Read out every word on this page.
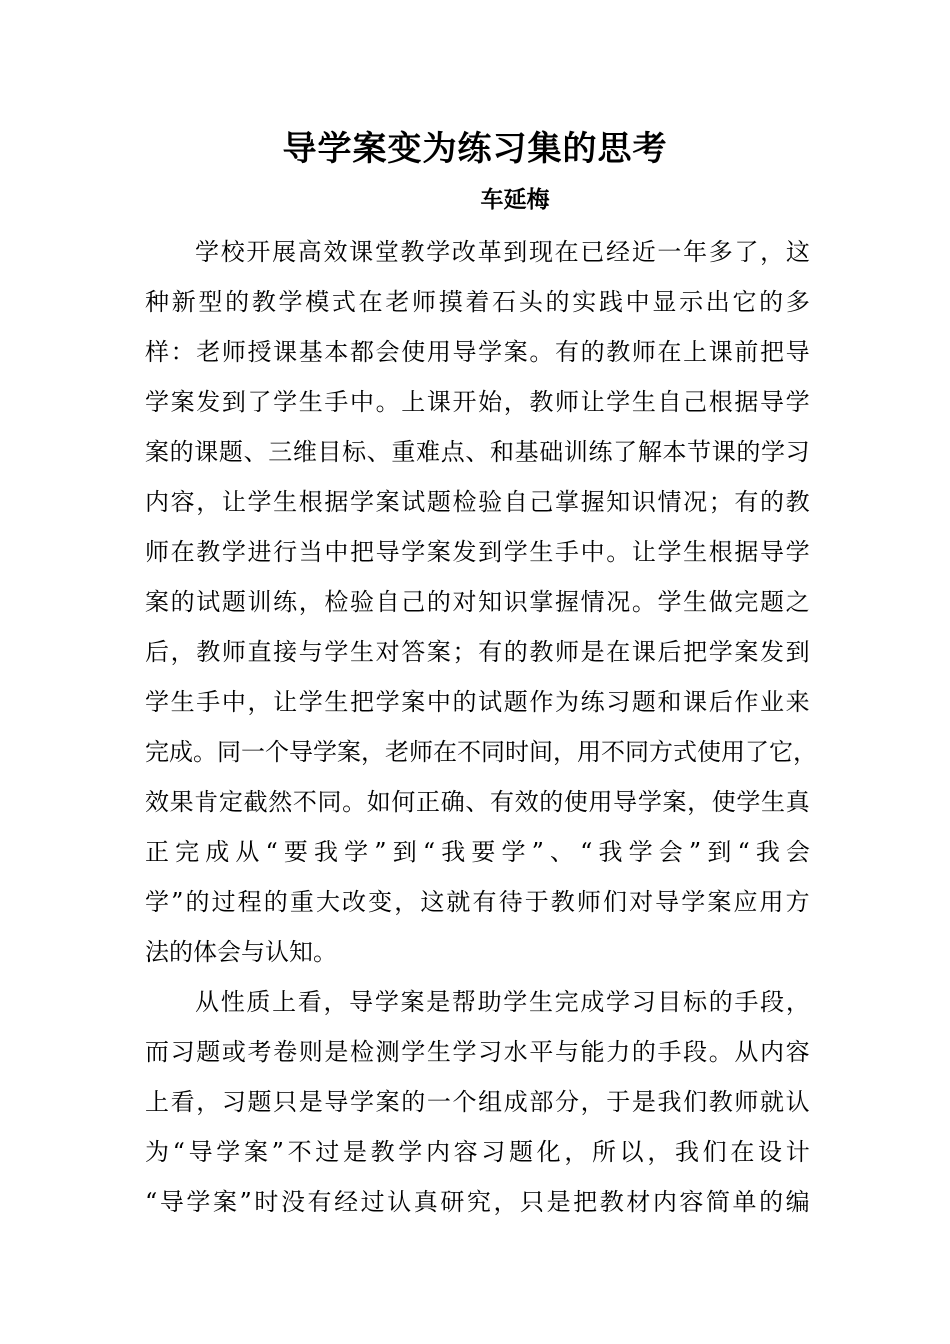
导学案变为练习集的思考
车延梅
学 校 开 展 高 效 课 堂 教 学 改 革 到 现 在 已 经 近 一 年 多 了 ， 这
种 新 型 的 教 学 模 式 在 老 师 摸 着 石 头 的 实 践 中 显 示 出 它 的 多
样 ： 老 师 授 课 基 本 都 会 使 用 导 学 案 。 有 的 教 师 在 上 课 前 把 导
学 案 发 到 了 学 生 手 中 。 上 课 开 始 ， 教 师 让 学 生 自 己 根 据 导 学
案 的 课 题 、 三 维 目 标 、 重 难 点 、 和 基 础 训 练 了 解 本 节 课 的 学 习
内 容 ， 让 学 生 根 据 学 案 试 题 检 验 自 己 掌 握 知 识 情 况 ； 有 的 教
师 在 教 学 进 行 当 中 把 导 学 案 发 到 学 生 手 中 。 让 学 生 根 据 导 学
案 的 试 题 训 练 ， 检 验 自 己 的 对 知 识 掌 握 情 况 。 学 生 做 完 题 之
后 ， 教 师 直 接 与 学 生 对 答 案 ； 有 的 教 师 是 在 课 后 把 学 案 发 到
学 生 手 中 ， 让 学 生 把 学 案 中 的 试 题 作 为 练 习 题 和 课 后 作 业 来
完 成 。 同 一 个 导 学 案 ， 老 师 在 不 同 时 间 ， 用 不 同 方 式 使 用 了 它 ，
效 果 肯 定 截 然 不 同 。 如 何 正 确 、 有 效 的 使 用 导 学 案 ， 使 学 生 真
正 完 成 从 “ 要 我 学 ” 到 “ 我 要 学 ” 、 “ 我 学 会 ” 到 “ 我 会
学 ” 的 过 程 的 重 大 改 变 ， 这 就 有 待 于 教 师 们 对 导 学 案 应 用 方
法 的 体 会 与 认 知 。
从 性 质 上 看 ， 导 学 案 是 帮 助 学 生 完 成 学 习 目 标 的 手 段 ，
而 习 题 或 考 卷 则 是 检 测 学 生 学 习 水 平 与 能 力 的 手 段 。 从 内 容
上 看 ， 习 题 只 是 导 学 案 的 一 个 组 成 部 分 ， 于 是 我 们 教 师 就 认
为 “ 导 学 案 ” 不 过 是 教 学 内 容 习 题 化 ， 所 以 ， 我 们 在 设 计
“ 导 学 案 ” 时 没 有 经 过 认 真 研 究 ， 只 是 把 教 材 内 容 简 单 的 编
